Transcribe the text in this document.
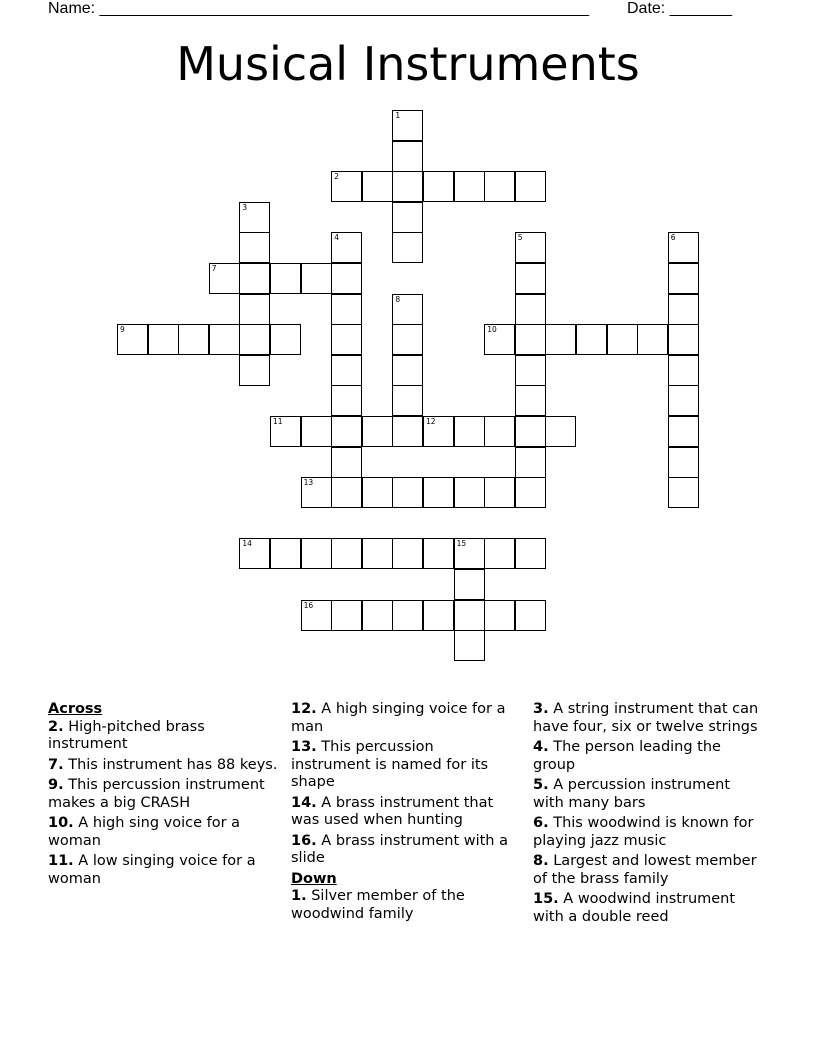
Name: _______________________________________________________ Date: _______
Musical Instruments
1
2
3
4	5	6
7
8
9	10
11	12
13
14	15
16
Across
2. High-pitched brass instrument
7. This instrument has 88 keys.
9. This percussion instrument makes a big CRASH
10. A high sing voice for a woman
11. A low singing voice for a woman
12. A high singing voice for a man
13. This percussion instrument is named for its shape
14. A brass instrument that was used when hunting
16. A brass instrument with a slide
Down
1. Silver member of the woodwind family
3. A string instrument that can have four, six or twelve strings
4. The person leading the group
5. A percussion instrument with many bars
6. This woodwind is known for playing jazz music
8. Largest and lowest member of the brass family
15. A woodwind instrument with a double reed
